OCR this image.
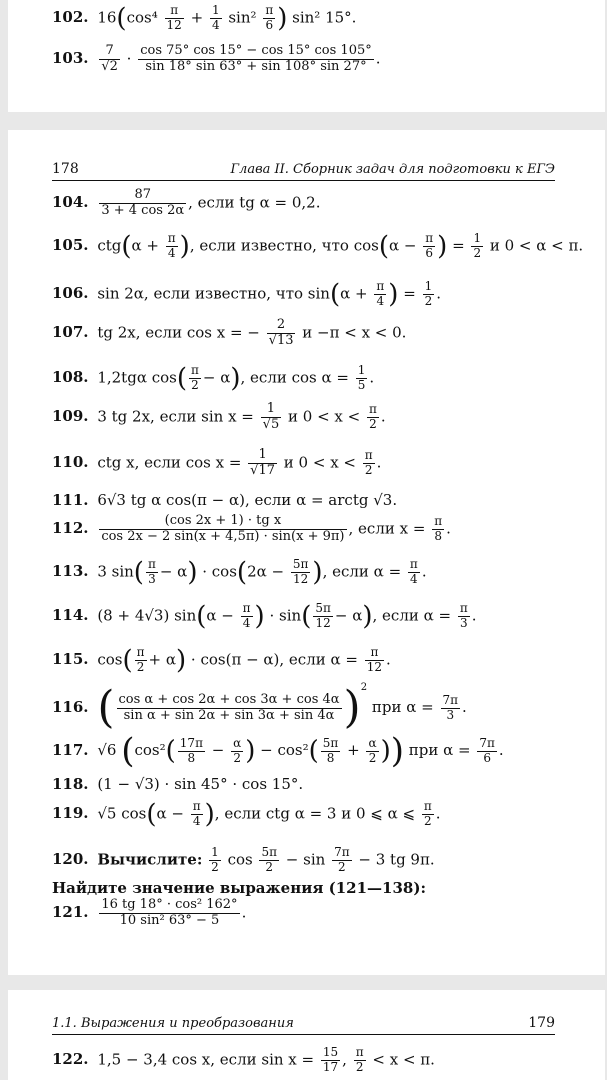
102. $16(\cos^4 \frac{\pi}{12} + \frac{1}{4} \sin^2 \frac{\pi}{6}$ ) sin² 15°.
103. $\frac{7}{√2} \cdot \frac{\cos 75^\circ \cos 15^\circ - \cos 15^\circ \cos 105^\circ}{\sin 18^\circ \sin 63^\circ + \sin 108^\circ \sin 27^\circ}$ .
178	Глава II. Сборник задач для подготовки к ЕГЭ
104. $\frac{87}{3 + 4 \cos 2\alpha}$ , если tg α = 0,2.
105. $ctg(\alpha + \frac{\pi}{4}$ ), если известно, что $\cos(\alpha - \frac{\pi}{6}$ ) = $\frac{1}{2}$ и 0 < α < π.
106. sin 2α, если известно, что $\sin(\alpha + \frac{\pi}{4}$ ) = $\frac{1}{2}$ .
107. tg 2x, если cos x = − $\frac{2}{√13}$ и −π < x < 0.
108. 1,2tgα $\cos( \frac{\pi}{2} - \alpha)$, если $\cos \alpha = \frac{1}{5}$ .
109. 3 tg 2x, если $\sin x = \frac{1}{√5}$ и $0 < x < \frac{\pi}{2}$ .
110. ctg x, если $\cos x = \frac{1}{√17}$ и $0 < x < \frac{\pi}{2}$ .
111. 6√3 tg α cos(π − α), если α = arctg √3.
112. $\frac{\text{(cos 2x + 1) · tg x}}{\cos 2x - 2 \sin(x + 4,5\pi) \cdot \sin(x + 9\pi)}$ , если $x = \frac{\pi}{8}$ .
113. 3 $\sin( \frac{\pi}{3} - \alpha) \cdot \cos(2\alpha - \frac{5\pi}{12}$ ), если $\alpha = \frac{\pi}{4}$ .
114. (8 + 4√3) $\sin(\alpha - \frac{\pi}{4}$ ) · $\sin( \frac{5\pi}{12} - \alpha)$, если $\alpha = \frac{\pi}{3}$ .
115. $\cos( \frac{\pi}{2} + \alpha) \cdot \cos(\pi - \alpha)$, если $\alpha = \frac{\pi}{12}$ .
116. ( $\frac{\text{cos α + cos 2α + cos 3α + cos 4α}}{\text{sin α + sin 2α + sin 3α + sin 4α}} )^2$ при $\alpha = \frac{7\pi}{3}$ .
117. √6 ($\cos^2( \frac{17\pi}{8} - \frac{\alpha}{2}$ ) − $\cos^2( \frac{5\pi}{8} + \frac{\alpha}{2}$ )) при $\alpha = \frac{7\pi}{6}$ .
118. (1 − √3) · sin 45° · cos 15°.
119. √5 $\cos(\alpha - \frac{\pi}{4}$ ), если ctg α = 3 и 0 ⩽ α ⩽ $\frac{\pi}{2}$ .
120. Вычислите: $\frac{1}{2}$ $\cos \frac{5\pi}{2} - \sin \frac{7\pi}{2} - 3$ tg 9π.
Найдите значение выражения (121—138):
121. $\frac{\text{16 tg 18° · cos² 162°}}{\text{10 sin² 63° − 5}}$ .
1.1. Выражения и преобразования	179
122. 1,5 − 3,4 cos x, если $\sin x = \frac{15}{17}$ , $\frac{\pi}{2} < x < \pi$.
